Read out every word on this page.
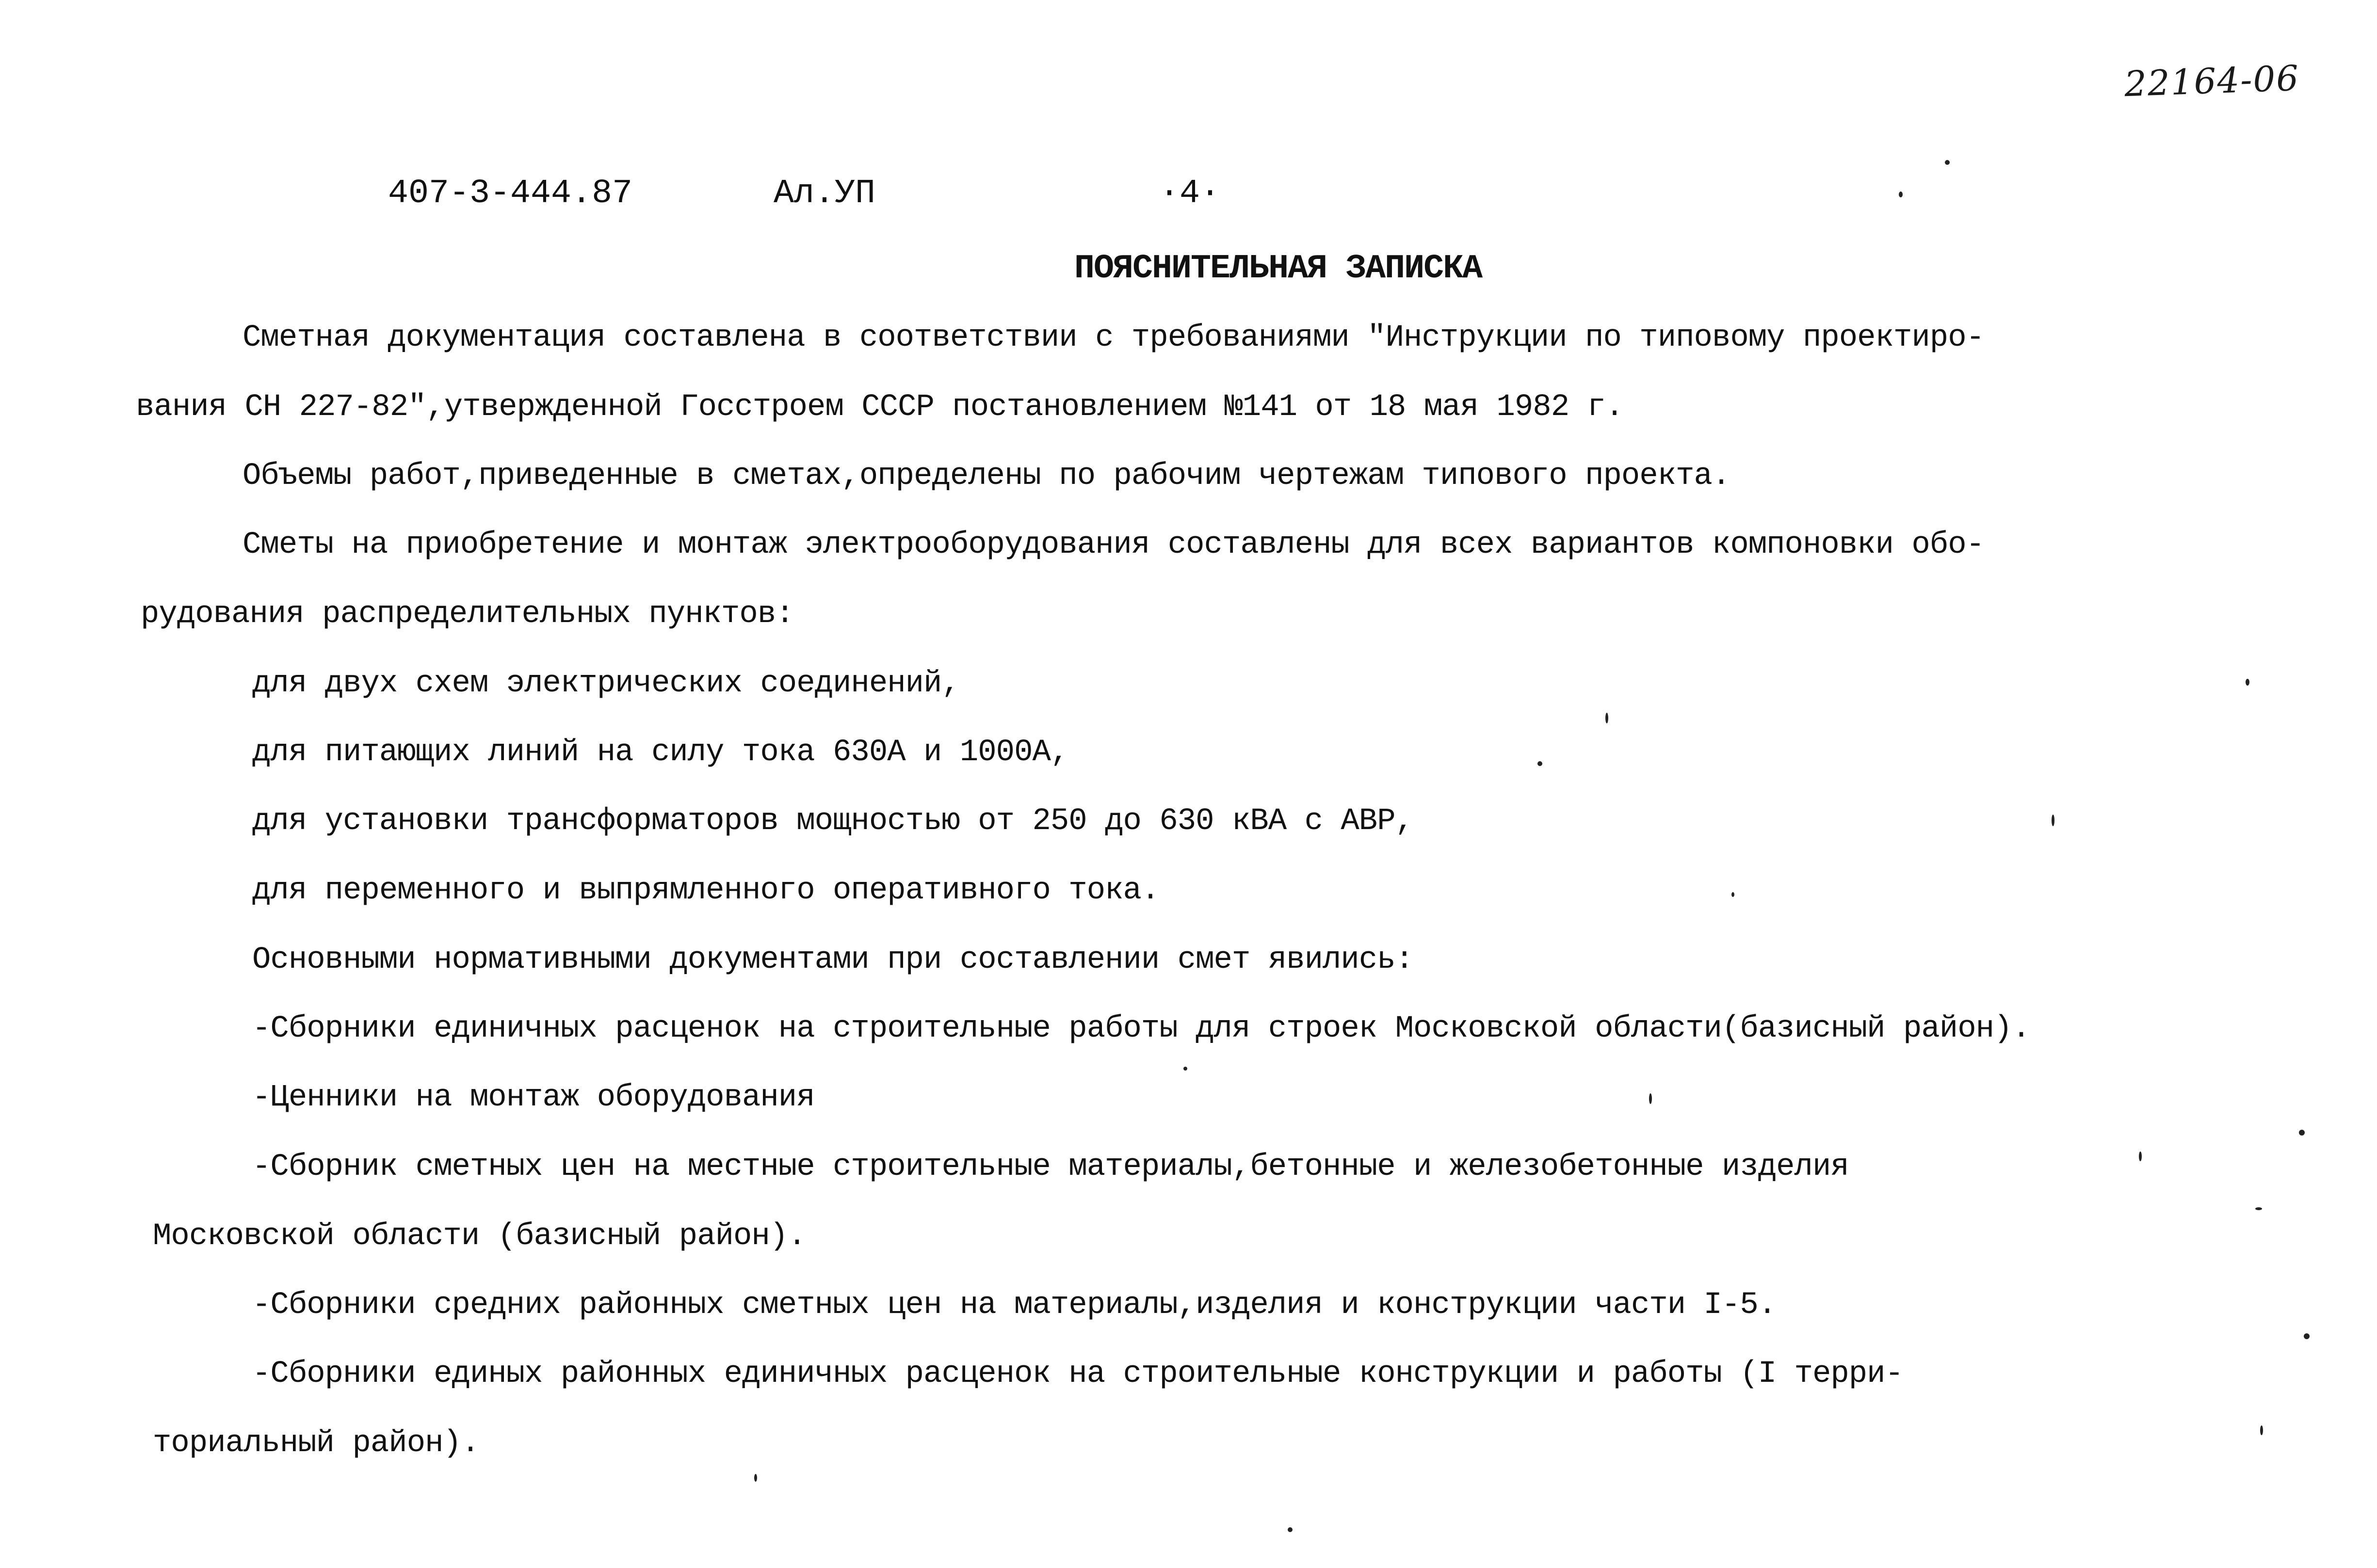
22164-06
407-3-444.87	Ал.УП	·4·
ПОЯСНИТЕЛЬНАЯ ЗАПИСКА
Сметная документация составлена в соответствии с требованиями "Инструкции по типовому проектиро-
вания СН 227-82",утвержденной Госстроем СССР постановлением №141 от 18 мая 1982 г.
Объемы работ,приведенные в сметах,определены по рабочим чертежам типового проекта.
Сметы на приобретение и монтаж электрооборудования составлены для всех вариантов компоновки обо-
рудования распределительных пунктов:
для двух схем электрических соединений,
для питающих линий на силу тока 630А и 1000А,
для установки трансформаторов мощностью от 250 до 630 кВА с АВР,
для переменного и выпрямленного оперативного тока.
Основными нормативными документами при составлении смет явились:
-Сборники единичных расценок на строительные работы для строек Московской области(базисный район).
-Ценники на монтаж оборудования
-Сборник сметных цен на местные строительные материалы,бетонные и железобетонные изделия
Московской области (базисный район).
-Сборники средних районных сметных цен на материалы,изделия и конструкции части I-5.
-Сборники единых районных единичных расценок на строительные конструкции и работы (I терри-
ториальный район).
